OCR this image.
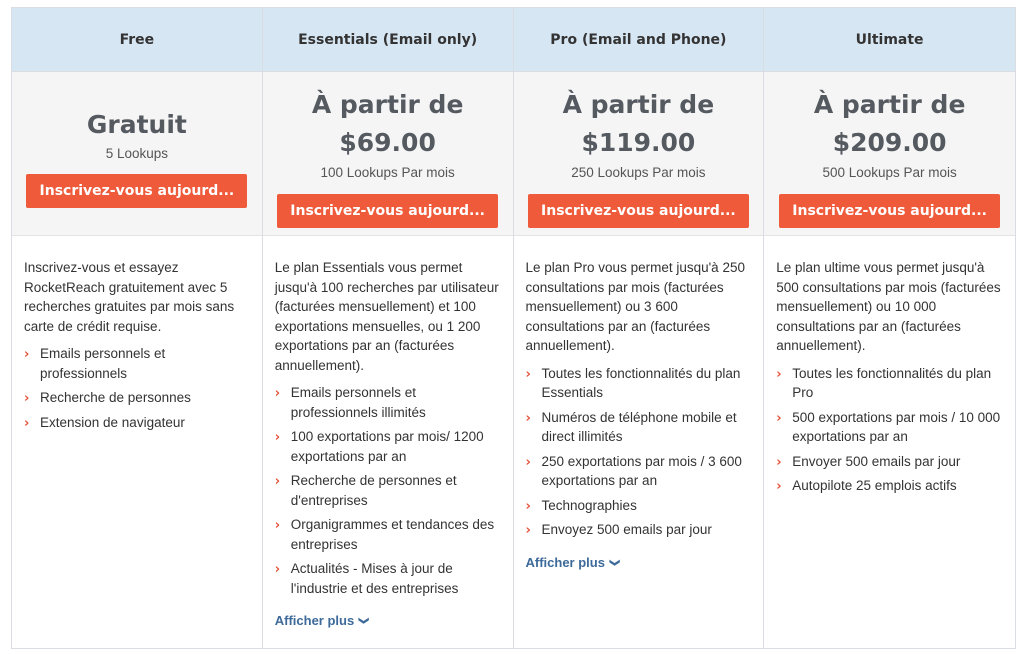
Free
Gratuit
5 Lookups
Inscrivez-vous aujourd...

Inscrivez-vous et essayez RocketReach gratuitement avec 5 recherches gratuites par mois sans carte de crédit requise.

› Emails personnels et professionnels
› Recherche de personnes
› Extension de navigateur
Essentials (Email only)
À partir de
$69.00
100 Lookups Par mois
Inscrivez-vous aujourd...

Le plan Essentials vous permet jusqu'à 100 recherches par utilisateur (facturées mensuellement) et 100 exportations mensuelles, ou 1 200 exportations par an (facturées annuellement).

› Emails personnels et professionnels illimités
› 100 exportations par mois/ 1200 exportations par an
› Recherche de personnes et d'entreprises
› Organigrammes et tendances des entreprises
› Actualités - Mises à jour de l'industrie et des entreprises
Afficher plus ❯
Pro (Email and Phone)
À partir de
$119.00
250 Lookups Par mois
Inscrivez-vous aujourd...

Le plan Pro vous permet jusqu'à 250 consultations par mois (facturées mensuellement) ou 3 600 consultations par an (facturées annuellement).

› Toutes les fonctionnalités du plan Essentials
› Numéros de téléphone mobile et direct illimités
› 250 exportations par mois / 3 600 exportations par an
› Technographies
› Envoyez 500 emails par jour
Afficher plus ❯
Ultimate
À partir de
$209.00
500 Lookups Par mois
Inscrivez-vous aujourd...

Le plan ultime vous permet jusqu'à 500 consultations par mois (facturées mensuellement) ou 10 000 consultations par an (facturées annuellement).

› Toutes les fonctionnalités du plan Pro
› 500 exportations par mois / 10 000 exportations par an
› Envoyer 500 emails par jour
› Autopilote 25 emplois actifs
